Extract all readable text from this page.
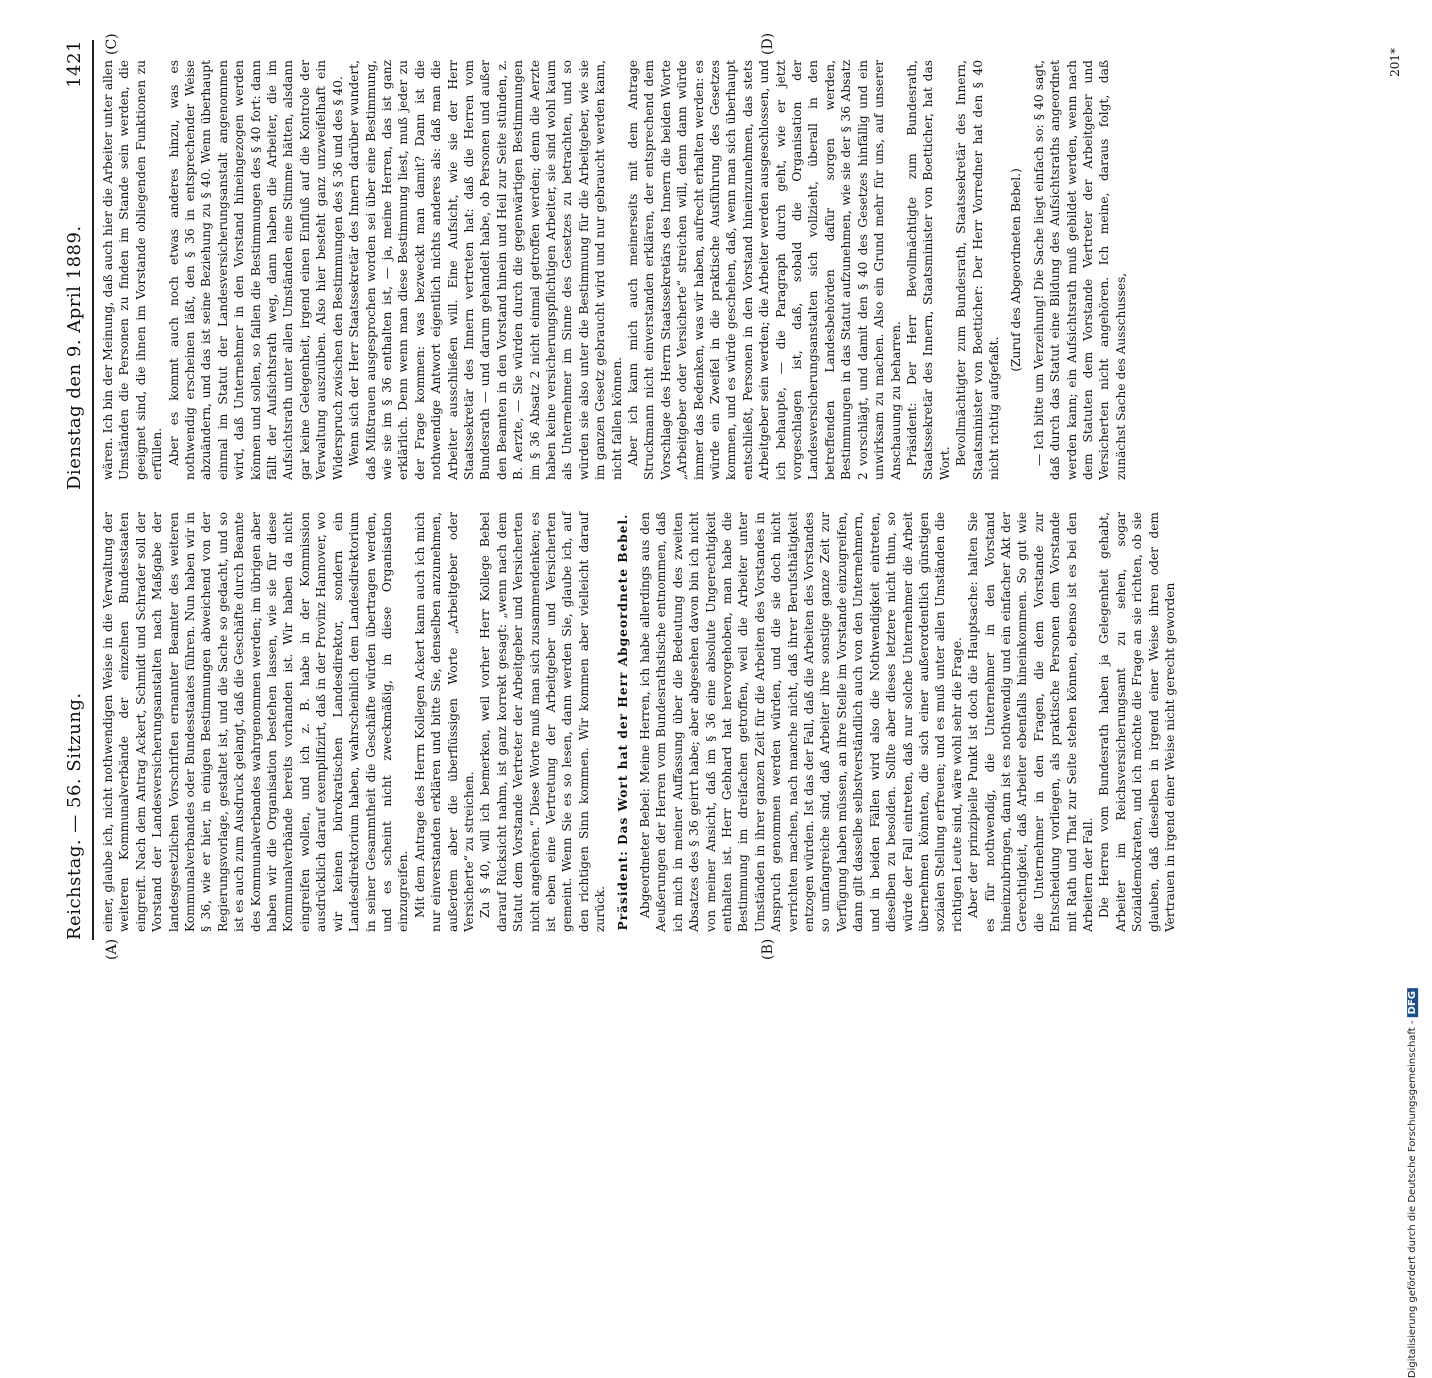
Reichstag. — 56. Sitzung.
Dienstag den 9. April 1889.
1421
(A)	(B)
(C)	(D)

einer, glaube ich, nicht nothwendigen Weise in die Verwaltung der weiteren Kommunalverbände der einzelnen Bundesstaaten eingreift. Nach dem Antrag Ackert, Schmidt und Schrader soll der Vorstand der Landesversicherungsanstalten nach Maßgabe der landesgesetzlichen Vorschriften ernannter Beamter des weiteren Kommunalverbandes oder Bundesstaates führen. Nun haben wir in § 36, wie er hier, in einigen Bestimmungen abweichend von der Regierungsvorlage, gestaltet ist, und die Sache so gedacht, und so ist es auch zum Ausdruck gelangt, daß die Geschäfte durch Beamte des Kommunalverbandes wahrgenommen werden; im übrigen aber haben wir die Organisation bestehen lassen, wie sie für diese Kommunalverbände bereits vorhanden ist. Wir haben da nicht eingreifen wollen, und ich z. B. habe in der Kommission ausdrücklich darauf exemplifizirt, daß in der Provinz Hannover, wo wir keinen bürokratischen Landesdirektor, sondern ein Landesdirektorium haben, wahrscheinlich dem Landesdirektorium in seiner Gesammtheit die Geschäfte würden übertragen werden, und es scheint nicht zweckmäßig, in diese Organisation einzugreifen. Mit dem Antrage des Herrn Kollegen Ackert kann auch ich mich nur einverstanden erklären und bitte Sie, denselben anzunehmen, außerdem aber die überflüssigen Worte „Arbeitgeber oder Versicherte“ zu streichen. Zu § 40, will ich bemerken, weil vorher Herr Kollege Bebel darauf Rücksicht nahm, ist ganz korrekt gesagt: „wenn nach dem Statut dem Vorstande Vertreter der Arbeitgeber und Versicherten nicht angehören.“ Diese Worte muß man sich zusammendenken; es ist eben eine Vertretung der Arbeitgeber und Versicherten gemeint. Wenn Sie es so lesen, dann werden Sie, glaube ich, auf den richtigen Sinn kommen. Wir kommen aber vielleicht darauf zurück. Präsident: Das Wort hat der Herr Abgeordnete Bebel. Abgeordneter Bebel: Meine Herren, ich habe allerdings aus den Aeußerungen der Herren vom Bundesrathstische entnommen, daß ich mich in meiner Auffassung über die Bedeutung des zweiten Absatzes des § 36 geirrt habe; aber abgesehen davon bin ich nicht von meiner Ansicht, daß im § 36 eine absolute Ungerechtigkeit enthalten ist. Herr Gebhard hat hervorgehoben, man habe die Bestimmung im dreifachen getroffen, weil die Arbeiter unter Umständen in ihrer ganzen Zeit für die Arbeiten des Vorstandes in Anspruch genommen werden würden, und die sie doch nicht verrichten machen, nach manche nicht, daß ihrer Berufsthätigkeit entzogen würden. Ist das der Fall, daß die Arbeiten des Vorstandes so umfangreiche sind, daß Arbeiter ihre sonstige ganze Zeit zur Verfügung haben müssen, an ihre Stelle im Vorstande einzugreifen, dann gilt dasselbe selbstverständlich auch von den Unternehmern, und in beiden Fällen wird also die Nothwendigkeit eintreten, dieselben zu besolden. Sollte aber dieses letztere nicht thun, so würde der Fall eintreten, daß nur solche Unternehmer die Arbeit übernehmen könnten, die sich einer außerordentlich günstigen sozialen Stellung erfreuen; und es muß unter allen Umständen die richtigen Leute sind, wäre wohl sehr die Frage. Aber der prinzipielle Punkt ist doch die Hauptsache: halten Sie es für nothwendig, die Unternehmer in den Vorstand hineinzubringen, dann ist es nothwendig und ein einfacher Akt der Gerechtigkeit, daß Arbeiter ebenfalls hineinkommen. So gut wie die Unternehmer in den Fragen, die dem Vorstande zur Entscheidung vorliegen, als praktische Personen dem Vorstande mit Rath und That zur Seite stehen können, ebenso ist es bei den Arbeitern der Fall. Die Herren vom Bundesrath haben ja Gelegenheit gehabt, Arbeiter im Reichsversicherungsamt zu sehen, sogar Sozialdemokraten, und ich möchte die Frage an sie richten, ob sie glauben, daß dieselben in irgend einer Weise ihren oder dem Vertrauen in irgend einer Weise nicht gerecht geworden

wären. Ich bin der Meinung, daß auch hier die Arbeiter unter allen Umständen die Personen zu finden im Stande sein werden, die geeignet sind, die ihnen im Vorstande obliegenden Funktionen zu erfüllen. Aber es kommt auch noch etwas anderes hinzu, was es nothwendig erscheinen läßt, den § 36 in entsprechender Weise abzuändern, und das ist seine Beziehung zu § 40. Wenn überhaupt einmal im Statut der Landesversicherungsanstalt angenommen wird, daß Unternehmer in den Vorstand hineingezogen werden können und sollen, so fallen die Bestimmungen des § 40 fort: dann fällt der Aufsichtsrath weg, dann haben die Arbeiter, die im Aufsichtsrath unter allen Umständen eine Stimme hätten, alsdann gar keine Gelegenheit, irgend einen Einfluß auf die Kontrole der Verwaltung auszuüben. Also hier besteht ganz unzweifelhaft ein Widerspruch zwischen den Bestimmungen des § 36 und des § 40. Wenn sich der Herr Staatssekretär des Innern darüber wundert, daß Mißtrauen ausgesprochen worden sei über eine Bestimmung, wie sie im § 36 enthalten ist, — ja, meine Herren, das ist ganz erklärlich. Denn wenn man diese Bestimmung liest, muß jeder zu der Frage kommen: was bezweckt man damit? Dann ist die nothwendige Antwort eigentlich nichts anderes als: daß man die Arbeiter ausschließen will. Eine Aufsicht, wie sie der Herr Staatssekretär des Innern vertreten hat: daß die Herren vom Bundesrath — und darum gehandelt habe, ob Personen und außer den Beamten in den Vorstand hinein und Heil zur Seite stünden, z. B. Aerzte, — Sie würden durch die gegenwärtigen Bestimmungen im § 36 Absatz 2 nicht einmal getroffen werden; denn die Aerzte haben keine versicherungspflichtigen Arbeiter, sie sind wohl kaum als Unternehmer im Sinne des Gesetzes zu betrachten, und so würden sie also unter die Bestimmung für die Arbeitgeber, wie sie im ganzen Gesetz gebraucht wird und nur gebraucht werden kann, nicht fallen können. Aber ich kann mich auch meinerseits mit dem Antrage Struckmann nicht einverstanden erklären, der entsprechend dem Vorschlage des Herrn Staatssekretärs des Innern die beiden Worte „Arbeitgeber oder Versicherte“ streichen will, denn dann würde immer das Bedenken, was wir haben, aufrecht erhalten werden: es würde ein Zweifel in die praktische Ausführung des Gesetzes kommen, und es würde geschehen, daß, wenn man sich überhaupt entschließt, Personen in den Vorstand hineinzunehmen, das stets Arbeitgeber sein werden; die Arbeiter werden ausgeschlossen, und ich behaupte, — die Paragraph durch geht, wie er jetzt vorgeschlagen ist, daß, sobald die Organisation der Landesversicherungsanstalten sich vollzieht, überall in den betreffenden Landesbehörden dafür sorgen werden, Bestimmungen in das Statut aufzunehmen, wie sie der § 36 Absatz 2 vorschlägt, und damit den § 40 des Gesetzes hinfällig und ein unwirksam zu machen. Also ein Grund mehr für uns, auf unserer Anschauung zu beharren. Präsident: Der Herr Bevollmächtigte zum Bundesrath, Staatssekretär des Innern, Staatsminister von Boetticher, hat das Wort. Bevollmächtigter zum Bundesrath, Staatssekretär des Innern, Staatsminister von Boetticher: Der Herr Vorredner hat den § 40 nicht richtig aufgefaßt.

(Zuruf des Abgeordneten Bebel.) — Ich bitte um Verzeihung! Die Sache liegt einfach so: § 40 sagt, daß durch das Statut eine Bildung des Aufsichtsraths angeordnet werden kann; ein Aufsichtsrath muß gebildet werden, wenn nach dem Statuten dem Vorstande Vertreter der Arbeitgeber und Versicherten nicht angehören. Ich meine, daraus folgt, daß zunächst Sache des Ausschusses,

201*
Digitalisierung gefördert durch die Deutsche Forschungsgemeinschaft - DFG
